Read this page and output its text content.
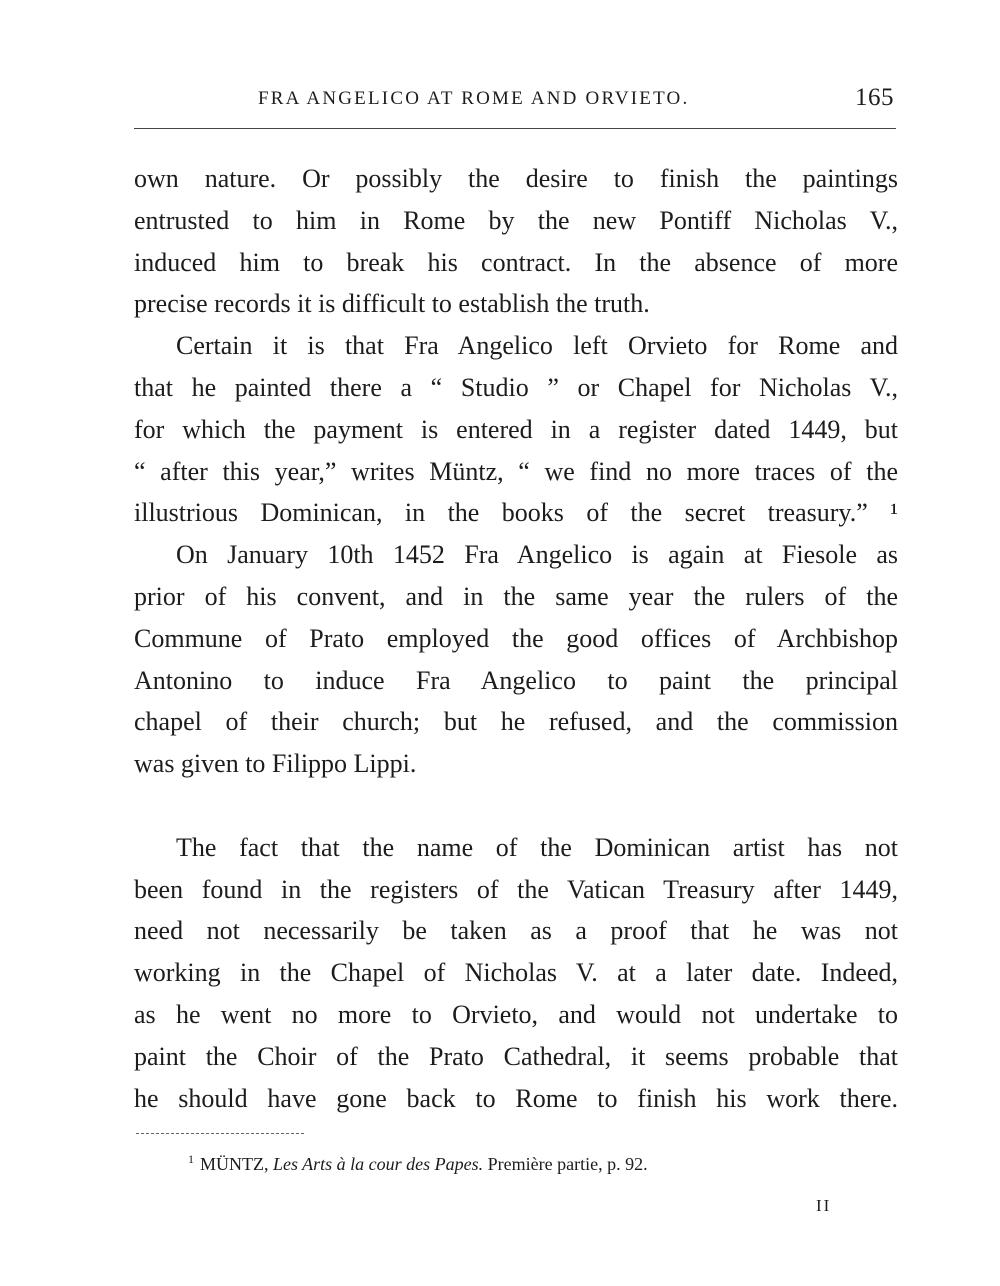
FRA ANGELICO AT ROME AND ORVIETO.	165
own nature. Or possibly the desire to finish the paintings
entrusted to him in Rome by the new Pontiff Nicholas V.,
induced him to break his contract. In the absence of more
precise records it is difficult to establish the truth.
Certain it is that Fra Angelico left Orvieto for Rome and
that he painted there a “ Studio ” or Chapel for Nicholas V.,
for which the payment is entered in a register dated 1449, but
“ after this year,” writes Müntz, “ we find no more traces of the
illustrious Dominican, in the books of the secret treasury.” ¹
On January 10th 1452 Fra Angelico is again at Fiesole as
prior of his convent, and in the same year the rulers of the
Commune of Prato employed the good offices of Archbishop
Antonino to induce Fra Angelico to paint the principal
chapel of their church; but he refused, and the commission
was given to Filippo Lippi.
The fact that the name of the Dominican artist has not
been found in the registers of the Vatican Treasury after 1449,
need not necessarily be taken as a proof that he was not
working in the Chapel of Nicholas V. at a later date. Indeed,
as he went no more to Orvieto, and would not undertake to
paint the Choir of the Prato Cathedral, it seems probable that
he should have gone back to Rome to finish his work there.
$^1$ MÜNTZ, Les Arts à la cour des Papes. Première partie, p. 92.
II
